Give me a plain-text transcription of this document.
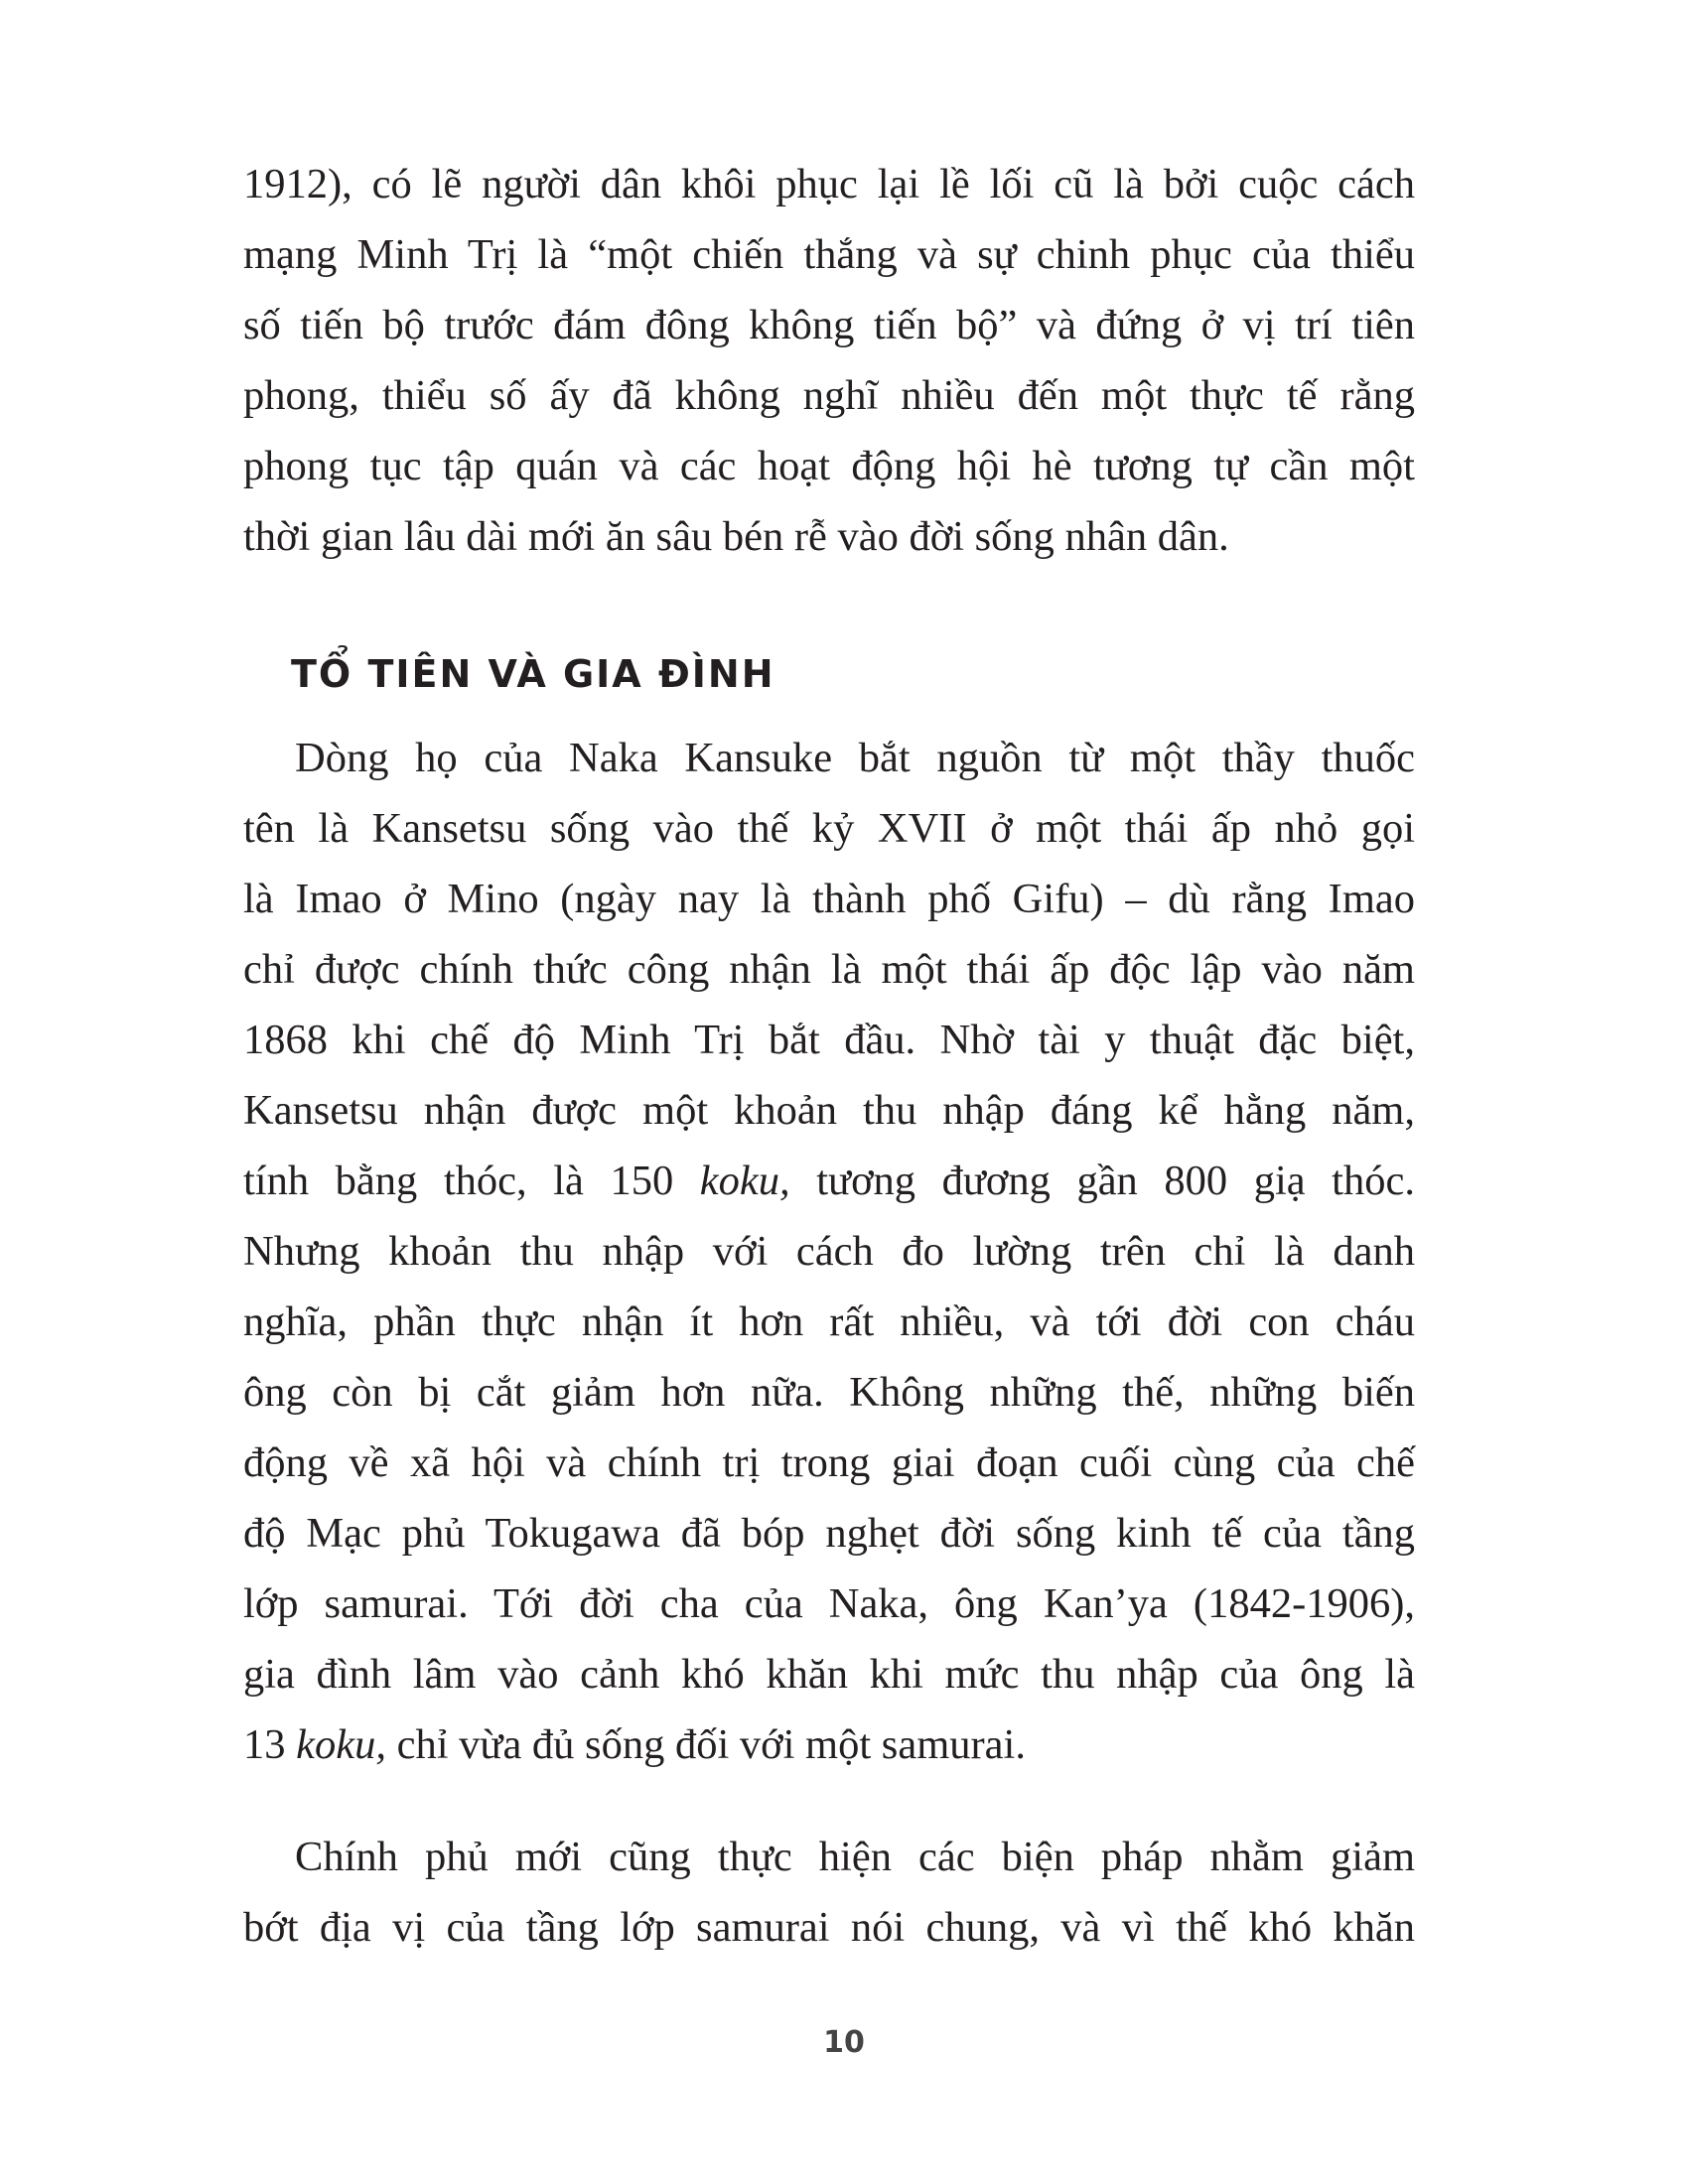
1912), có lẽ người dân khôi phục lại lề lối cũ là bởi cuộc cách
mạng Minh Trị là “một chiến thắng và sự chinh phục của thiểu
số tiến bộ trước đám đông không tiến bộ” và đứng ở vị trí tiên
phong, thiểu số ấy đã không nghĩ nhiều đến một thực tế rằng
phong tục tập quán và các hoạt động hội hè tương tự cần một
thời gian lâu dài mới ăn sâu bén rễ vào đời sống nhân dân.

TỔ TIÊN VÀ GIA ĐÌNH

Dòng họ của Naka Kansuke bắt nguồn từ một thầy thuốc
tên là Kansetsu sống vào thế kỷ XVII ở một thái ấp nhỏ gọi
là Imao ở Mino (ngày nay là thành phố Gifu) – dù rằng Imao
chỉ được chính thức công nhận là một thái ấp độc lập vào năm
1868 khi chế độ Minh Trị bắt đầu. Nhờ tài y thuật đặc biệt,
Kansetsu nhận được một khoản thu nhập đáng kể hằng năm,
tính bằng thóc, là 150 koku, tương đương gần 800 giạ thóc.
Nhưng khoản thu nhập với cách đo lường trên chỉ là danh
nghĩa, phần thực nhận ít hơn rất nhiều, và tới đời con cháu
ông còn bị cắt giảm hơn nữa. Không những thế, những biến
động về xã hội và chính trị trong giai đoạn cuối cùng của chế
độ Mạc phủ Tokugawa đã bóp nghẹt đời sống kinh tế của tầng
lớp samurai. Tới đời cha của Naka, ông Kan’ya (1842-1906),
gia đình lâm vào cảnh khó khăn khi mức thu nhập của ông là
13 koku, chỉ vừa đủ sống đối với một samurai.

Chính phủ mới cũng thực hiện các biện pháp nhằm giảm
bớt địa vị của tầng lớp samurai nói chung, và vì thế khó khăn

10
